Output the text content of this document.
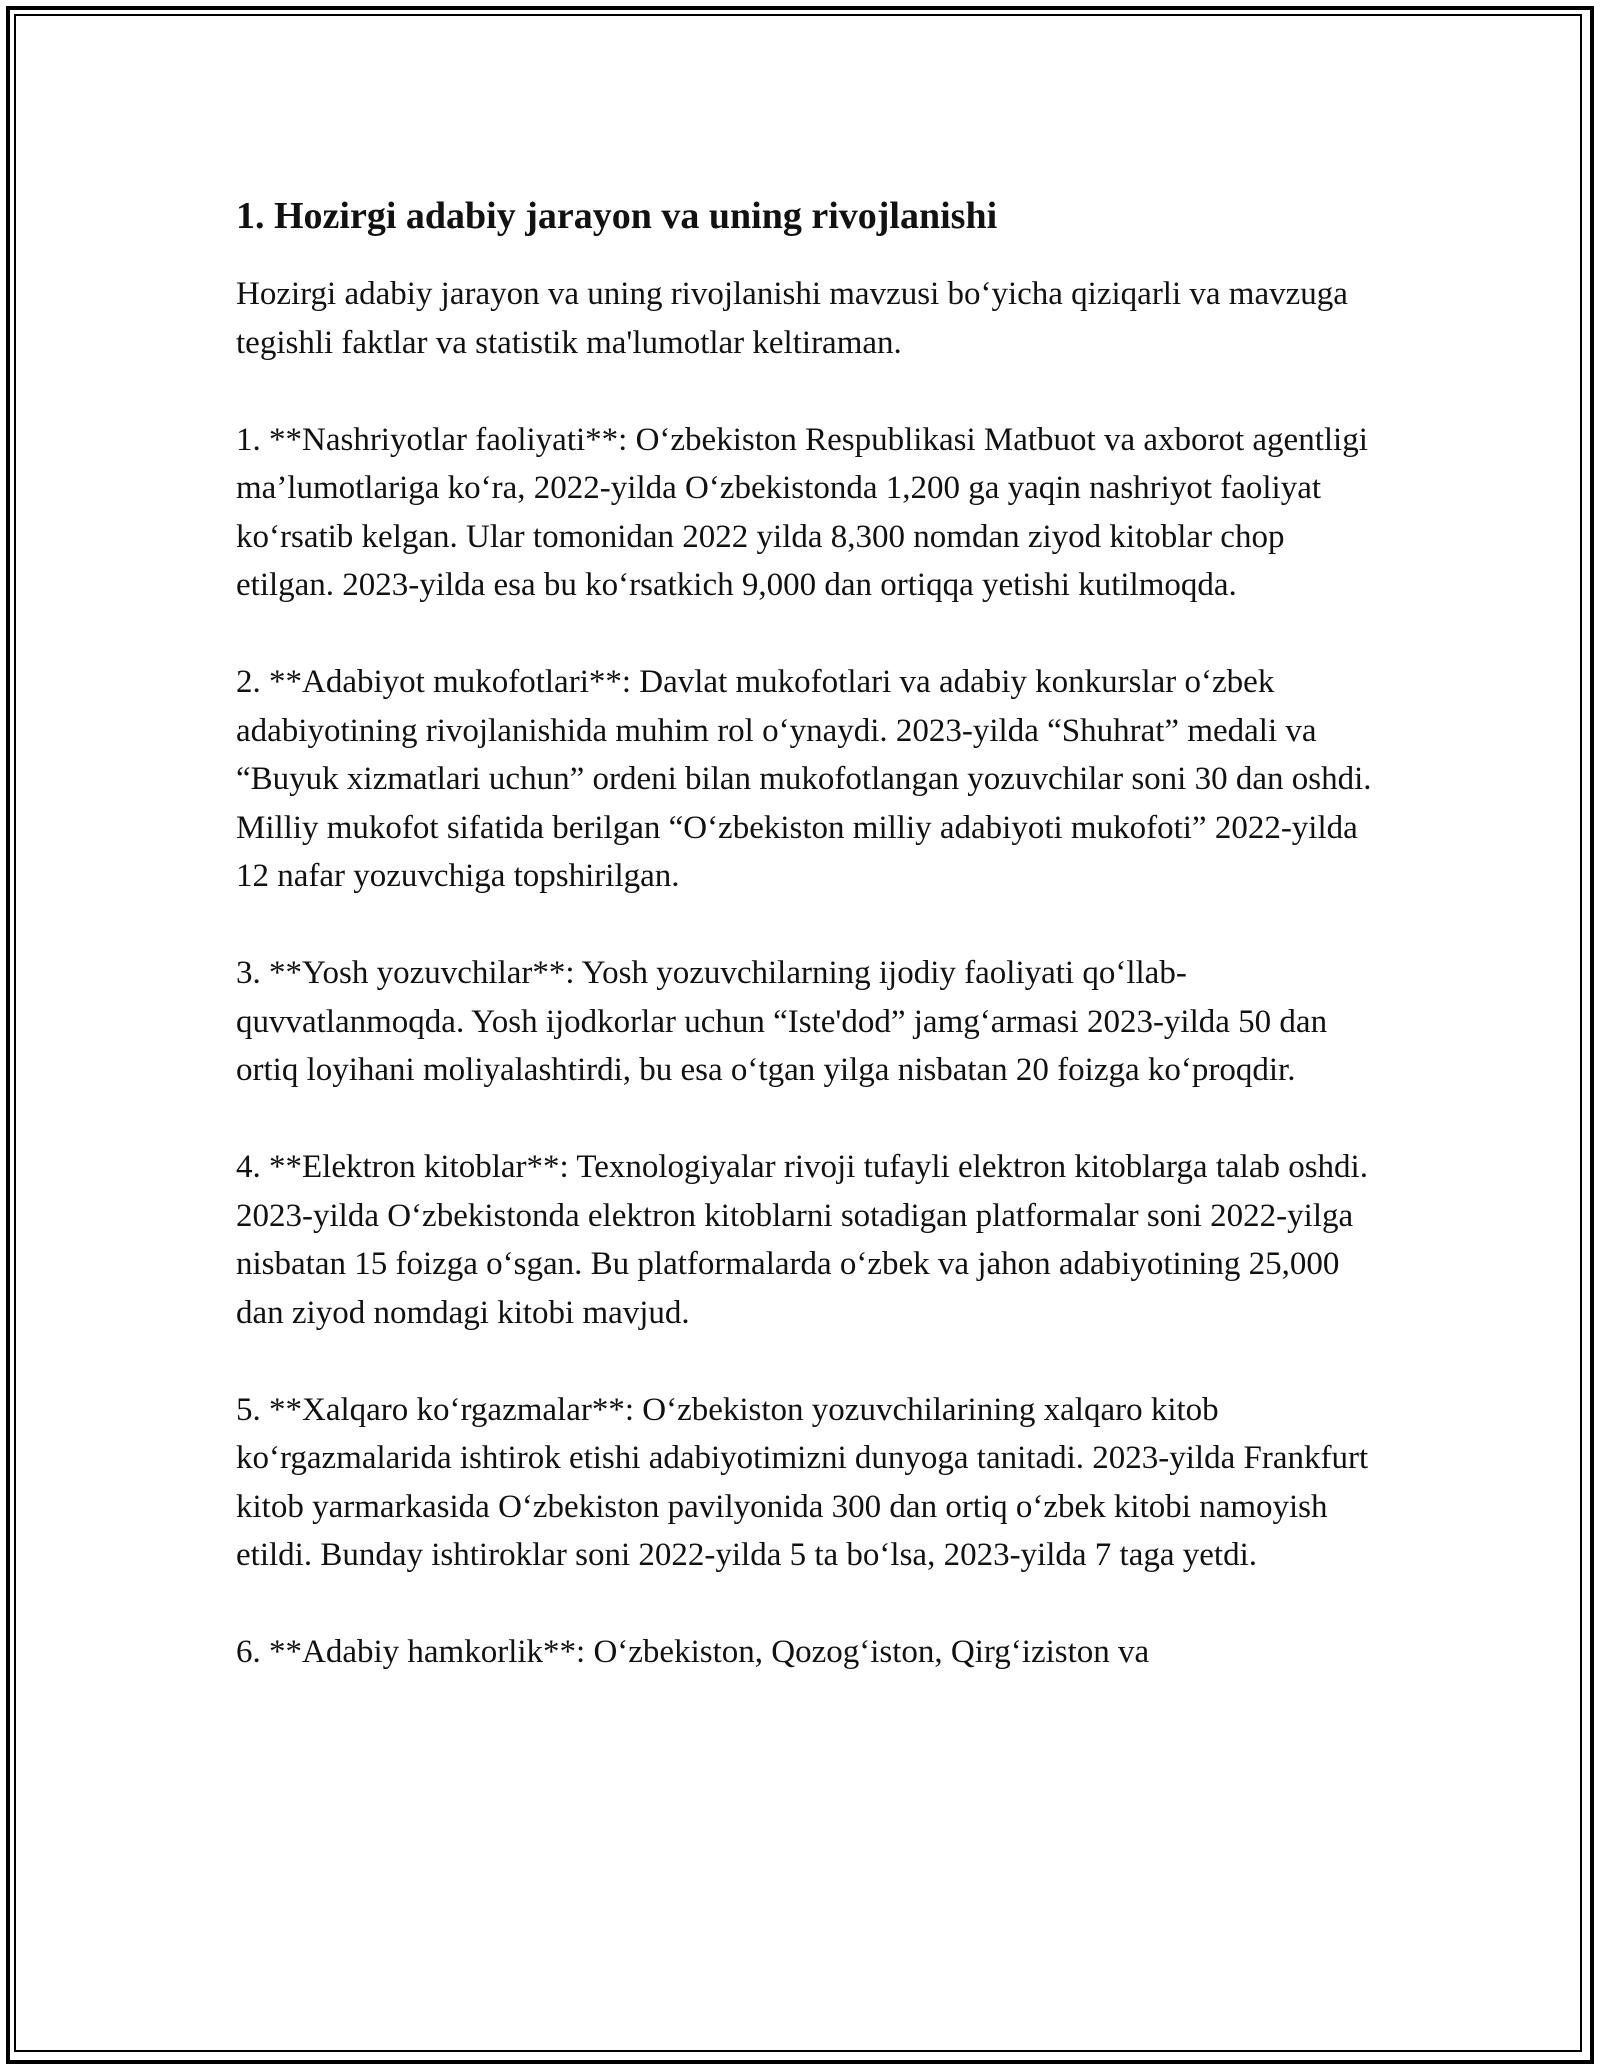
1. Hozirgi adabiy jarayon va uning rivojlanishi

Hozirgi adabiy jarayon va uning rivojlanishi mavzusi bo‘yicha qiziqarli va mavzuga tegishli faktlar va statistik ma'lumotlar keltiraman.

1. **Nashriyotlar faoliyati**: O‘zbekiston Respublikasi Matbuot va axborot agentligi ma’lumotlariga ko‘ra, 2022-yilda O‘zbekistonda 1,200 ga yaqin nashriyot faoliyat ko‘rsatib kelgan. Ular tomonidan 2022 yilda 8,300 nomdan ziyod kitoblar chop etilgan. 2023-yilda esa bu ko‘rsatkich 9,000 dan ortiqqa yetishi kutilmoqda.

2. **Adabiyot mukofotlari**: Davlat mukofotlari va adabiy konkurslar o‘zbek adabiyotining rivojlanishida muhim rol o‘ynaydi. 2023-yilda “Shuhrat” medali va “Buyuk xizmatlari uchun” ordeni bilan mukofotlangan yozuvchilar soni 30 dan oshdi. Milliy mukofot sifatida berilgan “O‘zbekiston milliy adabiyoti mukofoti” 2022-yilda 12 nafar yozuvchiga topshirilgan.

3. **Yosh yozuvchilar**: Yosh yozuvchilarning ijodiy faoliyati qo‘llab-quvvatlanmoqda. Yosh ijodkorlar uchun “Iste'dod” jamg‘armasi 2023-yilda 50 dan ortiq loyihani moliyalashtirdi, bu esa o‘tgan yilga nisbatan 20 foizga ko‘proqdir.

4. **Elektron kitoblar**: Texnologiyalar rivoji tufayli elektron kitoblarga talab oshdi. 2023-yilda O‘zbekistonda elektron kitoblarni sotadigan platformalar soni 2022-yilga nisbatan 15 foizga o‘sgan. Bu platformalarda o‘zbek va jahon adabiyotining 25,000 dan ziyod nomdagi kitobi mavjud.

5. **Xalqaro ko‘rgazmalar**: O‘zbekiston yozuvchilarining xalqaro kitob ko‘rgazmalarida ishtirok etishi adabiyotimizni dunyoga tanitadi. 2023-yilda Frankfurt kitob yarmarkasida O‘zbekiston pavilyonida 300 dan ortiq o‘zbek kitobi namoyish etildi. Bunday ishtiroklar soni 2022-yilda 5 ta bo‘lsa, 2023-yilda 7 taga yetdi.

6. **Adabiy hamkorlik**: O‘zbekiston, Qozog‘iston, Qirg‘iziston va
